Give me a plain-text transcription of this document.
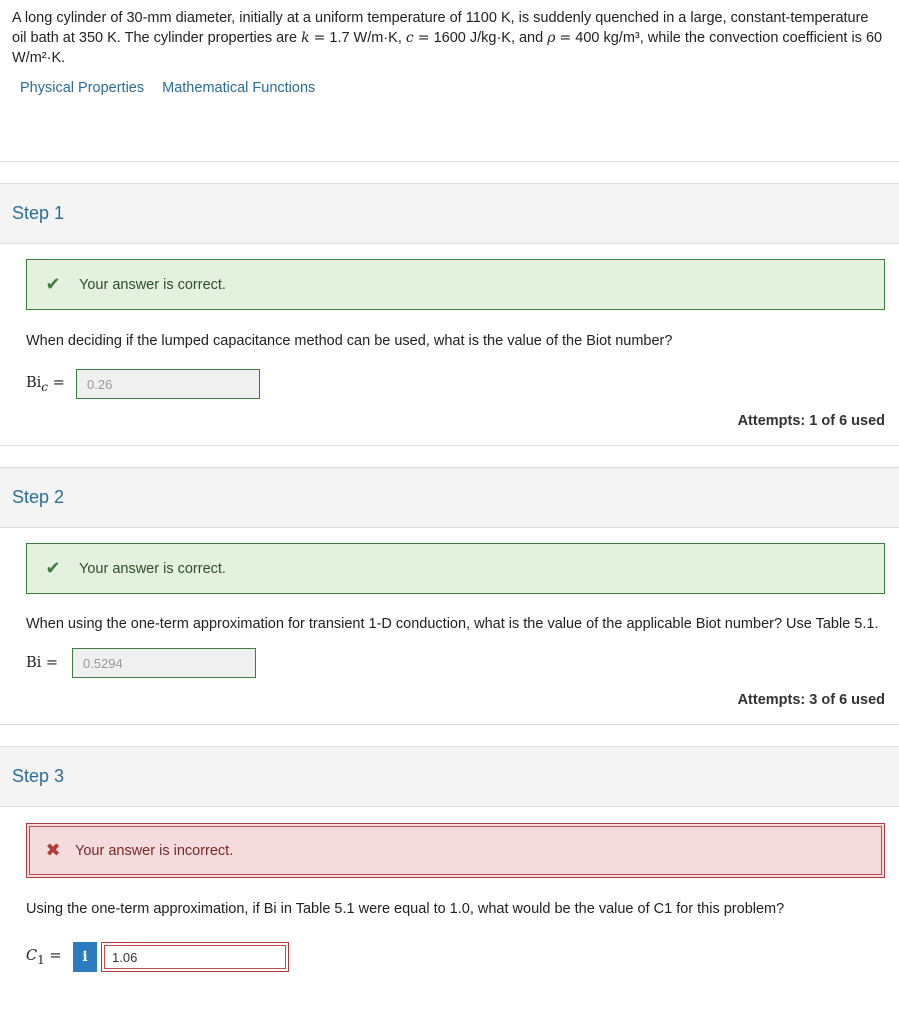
A long cylinder of 30-mm diameter, initially at a uniform temperature of 1100 K, is suddenly quenched in a large, constant-temperature oil bath at 350 K. The cylinder properties are k = 1.7 W/m·K, c = 1600 J/kg·K, and ρ = 400 kg/m³, while the convection coefficient is 60 W/m²·K.
Physical Properties Mathematical Functions
Step 1
✔	Your answer is correct.
When deciding if the lumped capacitance method can be used, what is the value of the Biot number?
$Bi_c$ =	0.26
Attempts: 1 of 6 used
Step 2
✔	Your answer is correct.
When using the one-term approximation for transient 1-D conduction, what is the value of the applicable Biot number? Use Table 5.1.
Bi =	0.5294
Attempts: 3 of 6 used
Step 3
✖ Your answer is incorrect.
Using the one-term approximation, if Bi in Table 5.1 were equal to 1.0, what would be the value of C1 for this problem?
$C_1$ =	i	1.06
